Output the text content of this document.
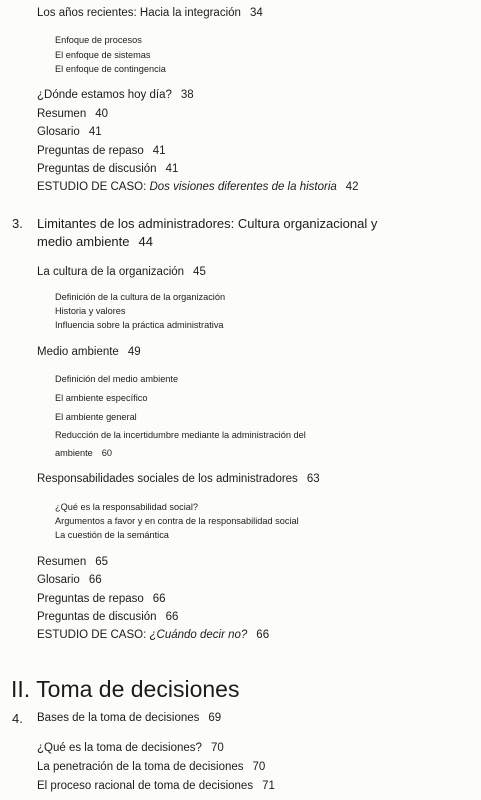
Los años recientes: Hacia la integración 34
Enfoque de procesos
El enfoque de sistemas
El enfoque de contingencia
¿Dónde estamos hoy día? 38
Resumen 40
Glosario 41
Preguntas de repaso 41
Preguntas de discusión 41
ESTUDIO DE CASO: Dos visiones diferentes de la historia 42
3. Limitantes de los administradores: Cultura organizacional y
medio ambiente 44
La cultura de la organización 45
Definición de la cultura de la organización
Historia y valores
Influencia sobre la práctica administrativa
Medio ambiente 49
Definición del medio ambiente
El ambiente específico
El ambiente general
Reducción de la incertidumbre mediante la administración del
ambiente 60
Responsabilidades sociales de los administradores 63
¿Qué es la responsabilidad social?
Argumentos a favor y en contra de la responsabilidad social
La cuestión de la semántica
Resumen 65
Glosario 66
Preguntas de repaso 66
Preguntas de discusión 66
ESTUDIO DE CASO: ¿Cuándo decir no? 66
II. Toma de decisiones
4. Bases de la toma de decisiones 69
¿Qué es la toma de decisiones? 70
La penetración de la toma de decisiones 70
El proceso racional de toma de decisiones 71
